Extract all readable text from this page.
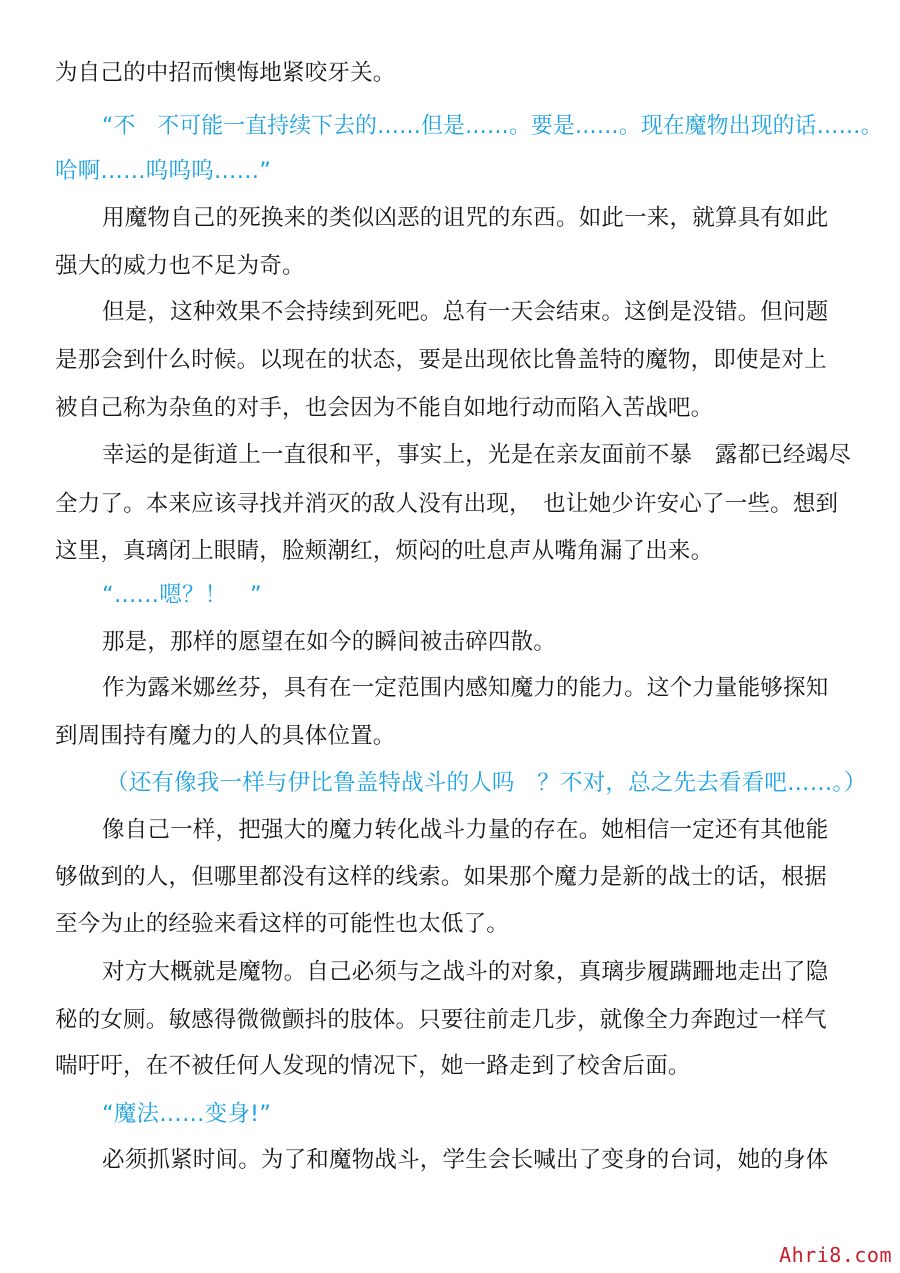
为自己的中招而懊悔地紧咬牙关。

“不　不可能一直持续下去的……但是……。要是……。现在魔物出现的话……。

哈啊……呜呜呜……”

用魔物自己的死换来的类似凶恶的诅咒的东西。如此一来，就算具有如此

强大的威力也不足为奇。

但是，这种效果不会持续到死吧。总有一天会结束。这倒是没错。但问题

是那会到什么时候。以现在的状态，要是出现依比鲁盖特的魔物，即使是对上

被自己称为杂鱼的对手，也会因为不能自如地行动而陷入苦战吧。

幸运的是街道上一直很和平，事实上，光是在亲友面前不暴　露都已经竭尽

全力了。本来应该寻找并消灭的敌人没有出现，　也让她少许安心了一些。想到

这里，真璃闭上眼睛，脸颊潮红，烦闷的吐息声从嘴角漏了出来。

“……嗯？！　”

那是，那样的愿望在如今的瞬间被击碎四散。

作为露米娜丝芬，具有在一定范围内感知魔力的能力。这个力量能够探知

到周围持有魔力的人的具体位置。

（还有像我一样与伊比鲁盖特战斗的人吗　？不对，总之先去看看吧……。）

像自己一样，把强大的魔力转化战斗力量的存在。她相信一定还有其他能

够做到的人，但哪里都没有这样的线索。如果那个魔力是新的战士的话，根据

至今为止的经验来看这样的可能性也太低了。

对方大概就是魔物。自己必须与之战斗的对象，真璃步履蹒跚地走出了隐

秘的女厕。敏感得微微颤抖的肢体。只要往前走几步，就像全力奔跑过一样气

喘吁吁，在不被任何人发现的情况下，她一路走到了校舍后面。

“魔法……变身!”

必须抓紧时间。为了和魔物战斗，学生会长喊出了变身的台词，她的身体

Ahri8.com
